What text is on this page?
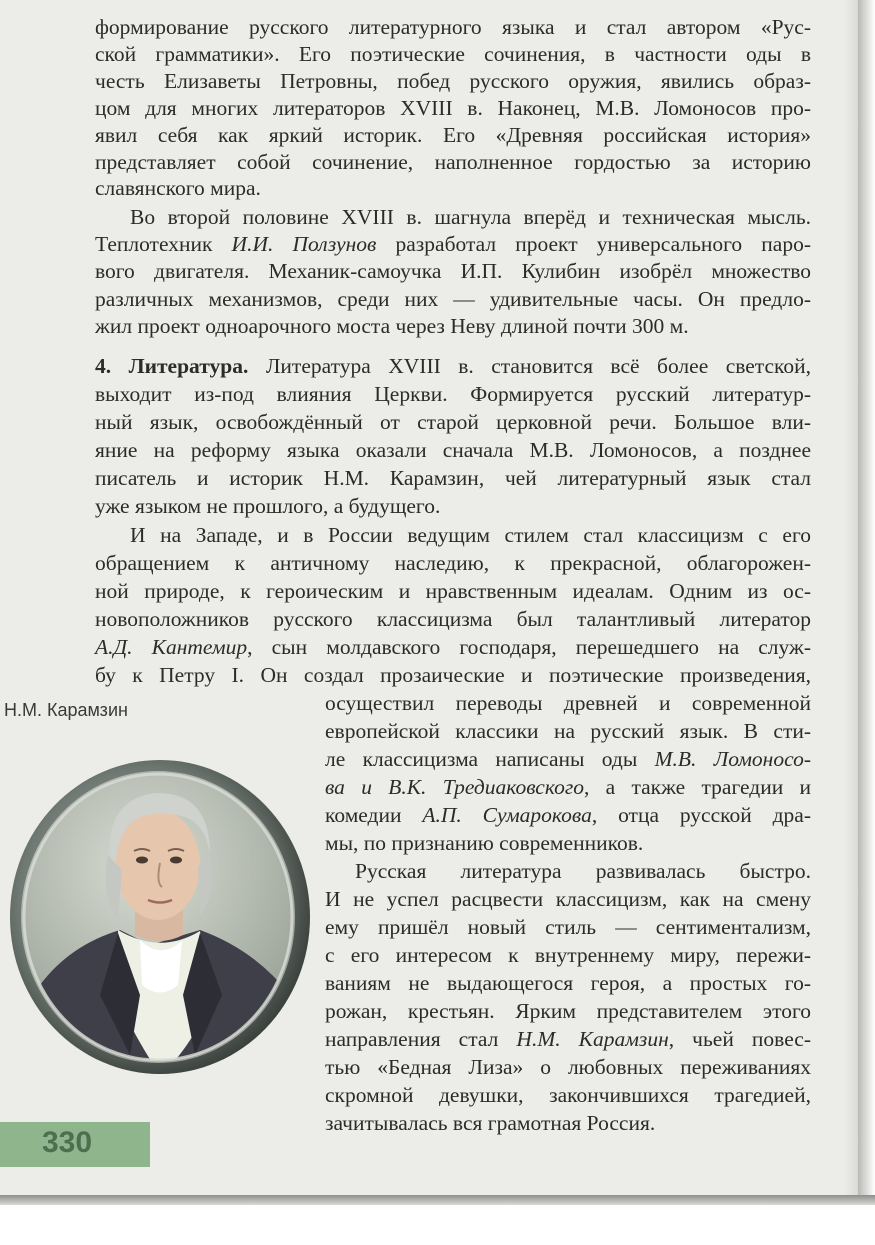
формирование русского литературного языка и стал автором «Рус-
ской грамматики». Его поэтические сочинения, в частности оды в
честь Елизаветы Петровны, побед русского оружия, явились образ-
цом для многих литераторов XVIII в. Наконец, М.В. Ломоносов про-
явил себя как яркий историк. Его «Древняя российская история»
представляет собой сочинение, наполненное гордостью за историю
славянского мира.
Во второй половине XVIII в. шагнула вперёд и техническая мысль.
Теплотехник И.И. Ползунов разработал проект универсального паро-
вого двигателя. Механик-самоучка И.П. Кулибин изобрёл множество
различных механизмов, среди них — удивительные часы. Он предло-
жил проект одноарочного моста через Неву длиной почти 300 м.
4. Литература. Литература XVIII в. становится всё более светской,
выходит из-под влияния Церкви. Формируется русский литератур-
ный язык, освобождённый от старой церковной речи. Большое вли-
яние на реформу языка оказали сначала М.В. Ломоносов, а позднее
писатель и историк Н.М. Карамзин, чей литературный язык стал
уже языком не прошлого, а будущего.
И на Западе, и в России ведущим стилем стал классицизм с его
обращением к античному наследию, к прекрасной, облагорожен-
ной природе, к героическим и нравственным идеалам. Одним из ос-
новоположников русского классицизма был талантливый литератор
А.Д. Кантемир, сын молдавского господаря, перешедшего на служ-
бу к Петру I. Он создал прозаические и поэтические произведения,
осуществил переводы древней и современной
европейской классики на русский язык. В сти-
ле классицизма написаны оды М.В. Ломоносо-
ва и В.К. Тредиаковского, а также трагедии и
комедии А.П. Сумарокова, отца русской дра-
мы, по признанию современников.
Русская литература развивалась быстро.
И не успел расцвести классицизм, как на смену
ему пришёл новый стиль — сентиментализм,
с его интересом к внутреннему миру, пережи-
ваниям не выдающегося героя, а простых го-
рожан, крестьян. Ярким представителем этого
направления стал Н.М. Карамзин, чьей повес-
тью «Бедная Лиза» о любовных переживаниях
скромной девушки, закончившихся трагедией,
зачитывалась вся грамотная Россия.
Н.М. Карамзин
330
